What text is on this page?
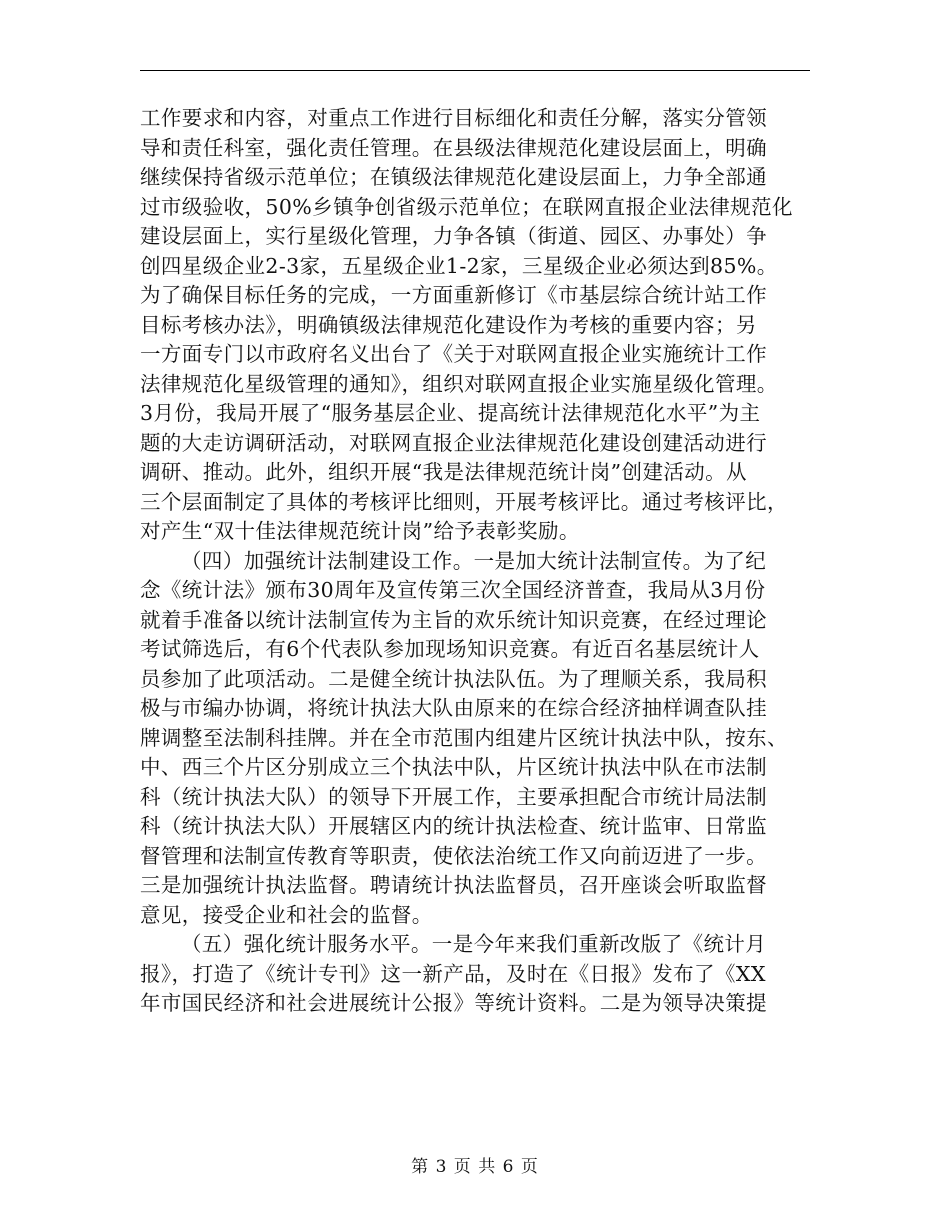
工作要求和内容，对重点工作进行目标细化和责任分解，落实分管领

导和责任科室，强化责任管理。在县级法律规范化建设层面上，明确

继续保持省级示范单位；在镇级法律规范化建设层面上，力争全部通

过市级验收，50%乡镇争创省级示范单位；在联网直报企业法律规范化

建设层面上，实行星级化管理，力争各镇（街道、园区、办事处）争

创四星级企业2-3家，五星级企业1-2家，三星级企业必须达到85%。

为了确保目标任务的完成，一方面重新修订《市基层综合统计站工作

目标考核办法》，明确镇级法律规范化建设作为考核的重要内容；另

一方面专门以市政府名义出台了《关于对联网直报企业实施统计工作

法律规范化星级管理的通知》，组织对联网直报企业实施星级化管理。

3月份，我局开展了“服务基层企业、提高统计法律规范化水平”为主

题的大走访调研活动，对联网直报企业法律规范化建设创建活动进行

调研、推动。此外，组织开展“我是法律规范统计岗”创建活动。从

三个层面制定了具体的考核评比细则，开展考核评比。通过考核评比，

对产生“双十佳法律规范统计岗”给予表彰奖励。

（四）加强统计法制建设工作。一是加大统计法制宣传。为了纪

念《统计法》颁布30周年及宣传第三次全国经济普查，我局从3月份

就着手准备以统计法制宣传为主旨的欢乐统计知识竞赛，在经过理论

考试筛选后，有6个代表队参加现场知识竞赛。有近百名基层统计人

员参加了此项活动。二是健全统计执法队伍。为了理顺关系，我局积

极与市编办协调，将统计执法大队由原来的在综合经济抽样调查队挂

牌调整至法制科挂牌。并在全市范围内组建片区统计执法中队，按东、

中、西三个片区分别成立三个执法中队，片区统计执法中队在市法制

科（统计执法大队）的领导下开展工作，主要承担配合市统计局法制

科（统计执法大队）开展辖区内的统计执法检查、统计监审、日常监

督管理和法制宣传教育等职责，使依法治统工作又向前迈进了一步。

三是加强统计执法监督。聘请统计执法监督员，召开座谈会听取监督

意见，接受企业和社会的监督。

（五）强化统计服务水平。一是今年来我们重新改版了《统计月

报》，打造了《统计专刊》这一新产品，及时在《日报》发布了《XX

年市国民经济和社会进展统计公报》等统计资料。二是为领导决策提

第 3 页 共 6 页
